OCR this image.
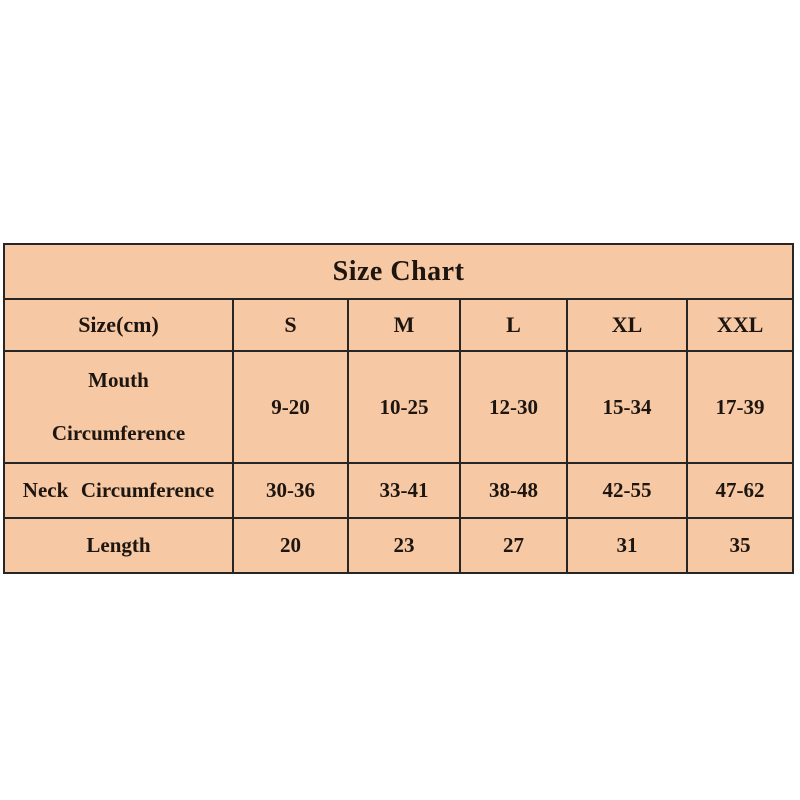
Size Chart					
Size(cm)	S	M	L	XL	XXL

Mouth
Circumference	9-20	10-25	12-30	15-34	17-39
Neck Circumference	30-36	33-41	38-48	42-55	47-62
Length	20	23	27	31	35
